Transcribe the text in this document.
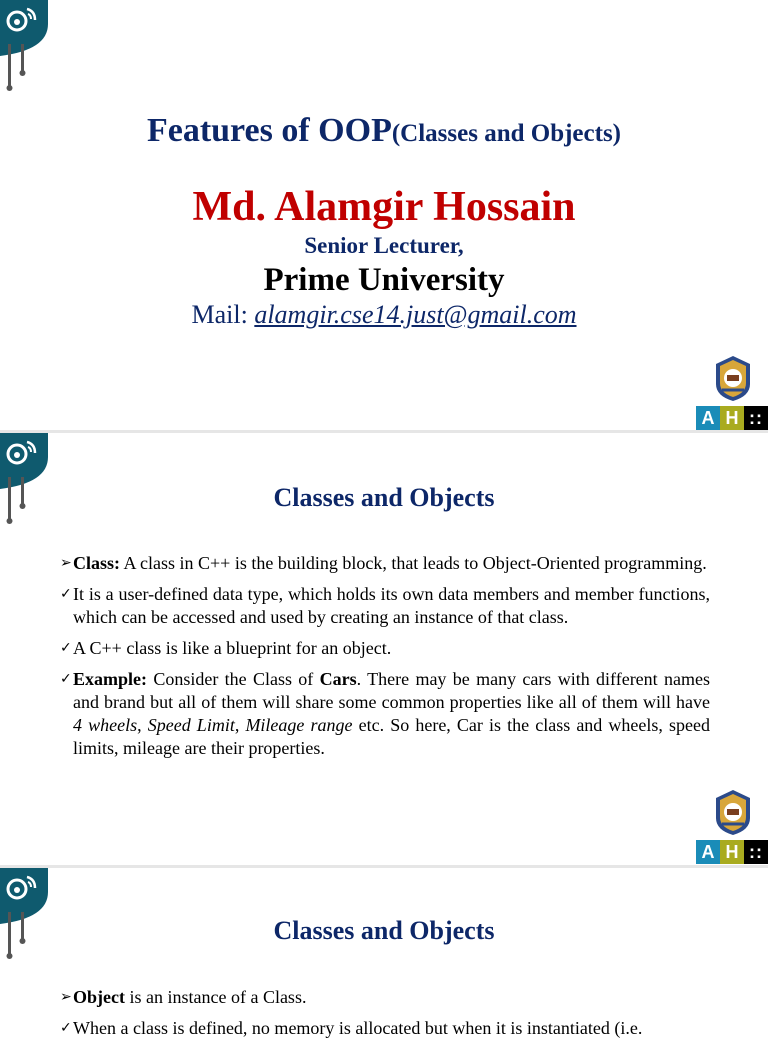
Features of OOP(Classes and Objects)
Md. Alamgir Hossain
Senior Lecturer,
Prime University
Mail: alamgir.cse14.just@gmail.com
A H ::
Classes and Objects
➢ Class: A class in C++ is the building block, that leads to Object-Oriented programming.
✓ It is a user-defined data type, which holds its own data members and member functions, which can be accessed and used by creating an instance of that class.
✓ A C++ class is like a blueprint for an object.
✓ Example: Consider the Class of Cars. There may be many cars with different names and brand but all of them will share some common properties like all of them will have 4 wheels, Speed Limit, Mileage range etc. So here, Car is the class and wheels, speed limits, mileage are their properties.
A H ::
Classes and Objects
➢ Object is an instance of a Class.
✓ When a class is defined, no memory is allocated but when it is instantiated (i.e.
